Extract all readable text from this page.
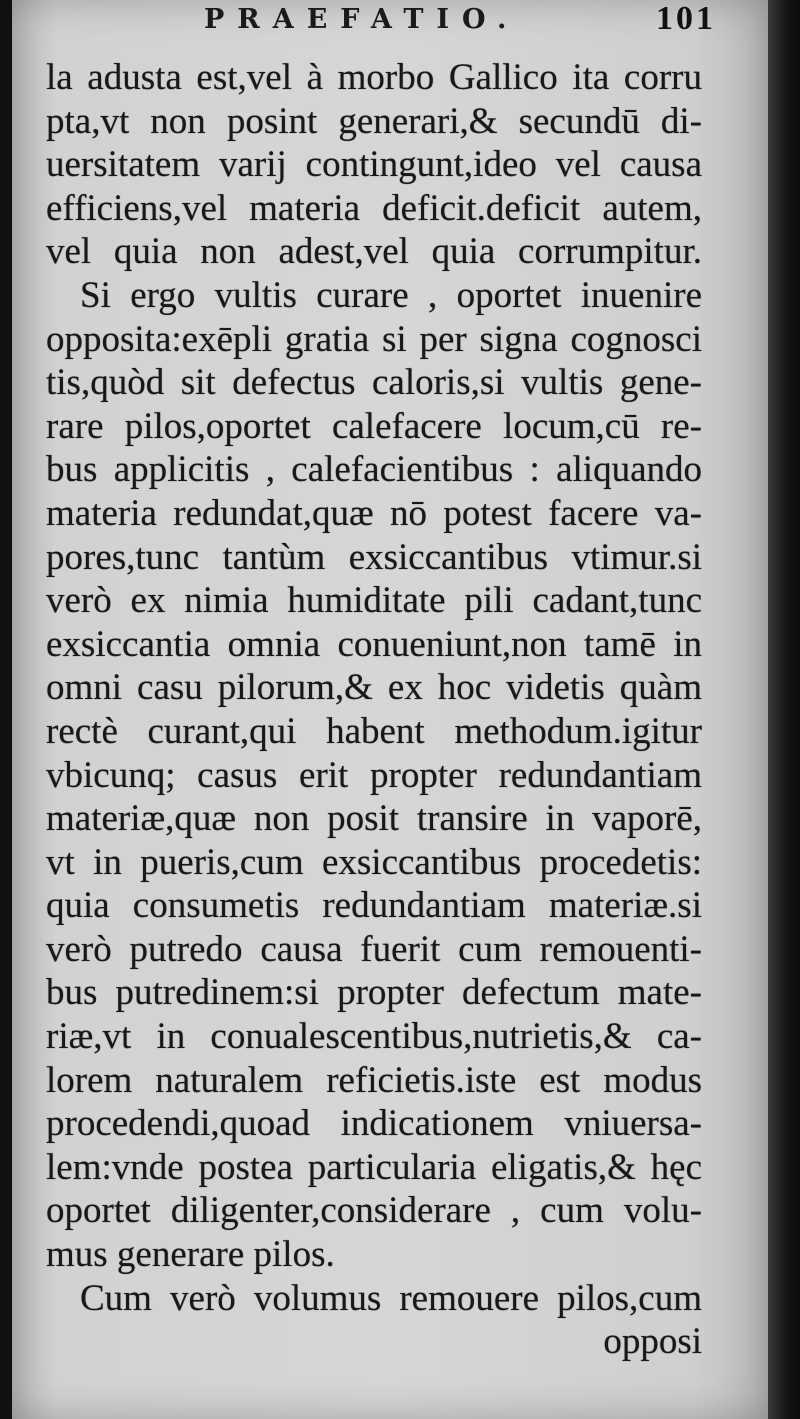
PRAEFATIO.	101
la adusta est,vel à morbo Gallico ita corru
pta,vt non posint generari,& secundū di-
uersitatem varij contingunt,ideo vel causa
efficiens,vel materia deficit.deficit autem,
vel quia non adest,vel quia corrumpitur.
Si ergo vultis curare , oportet inuenire
opposita:exēpli gratia si per signa cognosci
tis,quòd sit defectus caloris,si vultis gene-
rare pilos,oportet calefacere locum,cū re-
bus applicitis , calefacientibus : aliquando
materia redundat,quæ nō potest facere va-
pores,tunc tantùm exsiccantibus vtimur.si
verò ex nimia humiditate pili cadant,tunc
exsiccantia omnia conueniunt,non tamē in
omni casu pilorum,& ex hoc videtis quàm
rectè curant,qui habent methodum.igitur
vbicunq; casus erit propter redundantiam
materiæ,quæ non posit transire in vaporē,
vt in pueris,cum exsiccantibus procedetis:
quia consumetis redundantiam materiæ.si
verò putredo causa fuerit cum remouenti-
bus putredinem:si propter defectum mate-
riæ,vt in conualescentibus,nutrietis,& ca-
lorem naturalem reficietis.iste est modus
procedendi,quoad indicationem vniuersa-
lem:vnde postea particularia eligatis,& hęc
oportet diligenter,considerare , cum volu-
mus generare pilos.
Cum verò volumus remouere pilos,cum
opposi
